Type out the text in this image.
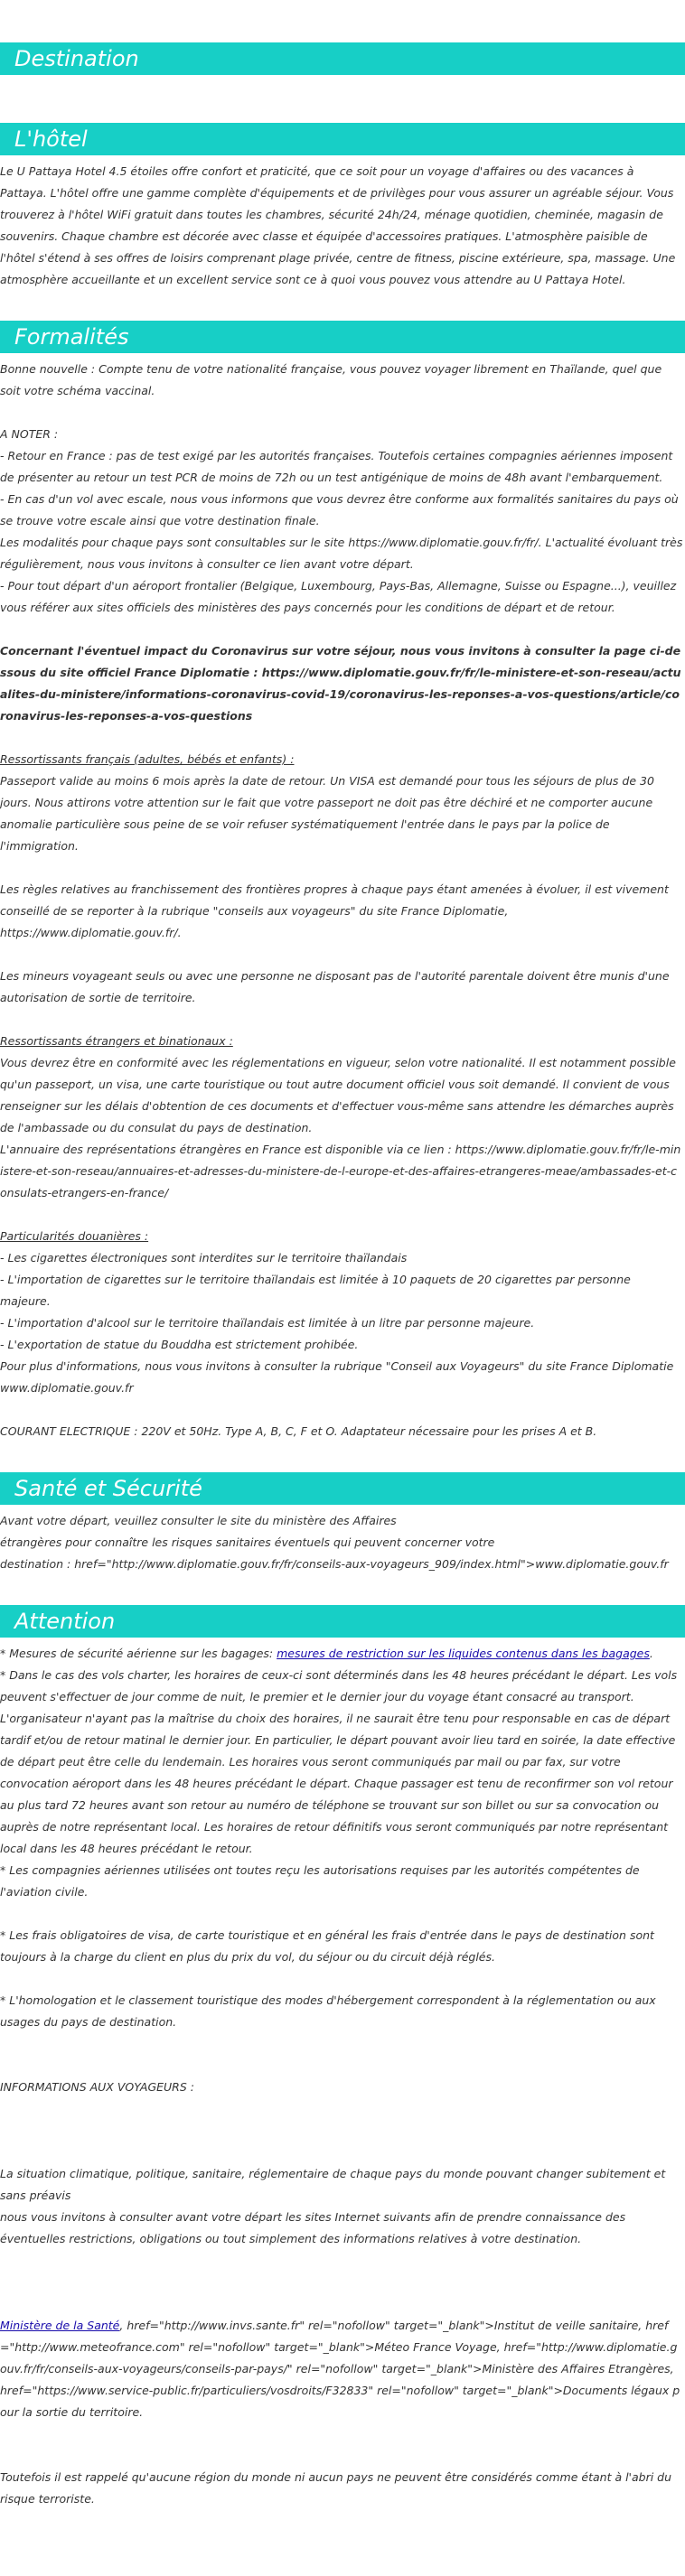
Destination
L'hôtel

Le U Pattaya Hotel 4.5 étoiles offre confort et praticité, que ce soit pour un voyage d'affaires ou des vacances à Pattaya. L'hôtel offre une gamme complète d'équipements et de privilèges pour vous assurer un agréable séjour. Vous trouverez à l'hôtel WiFi gratuit dans toutes les chambres, sécurité 24h/24, ménage quotidien, cheminée, magasin de souvenirs. Chaque chambre est décorée avec classe et équipée d'accessoires pratiques. L'atmosphère paisible de l'hôtel s'étend à ses offres de loisirs comprenant plage privée, centre de fitness, piscine extérieure, spa, massage. Une atmosphère accueillante et un excellent service sont ce à quoi vous pouvez vous attendre au U Pattaya Hotel.

Formalités

Bonne nouvelle : Compte tenu de votre nationalité française, vous pouvez voyager librement en Thaïlande, quel que soit votre schéma vaccinal.

A NOTER :

- Retour en France : pas de test exigé par les autorités françaises. Toutefois certaines compagnies aériennes imposent de présenter au retour un test PCR de moins de 72h ou un test antigénique de moins de 48h avant l'embarquement.

- En cas d'un vol avec escale, nous vous informons que vous devrez être conforme aux formalités sanitaires du pays où se trouve votre escale ainsi que votre destination finale.

Les modalités pour chaque pays sont consultables sur le site https://www.diplomatie.gouv.fr/fr/. L'actualité évoluant très régulièrement, nous vous invitons à consulter ce lien avant votre départ.

- Pour tout départ d'un aéroport frontalier (Belgique, Luxembourg, Pays-Bas, Allemagne, Suisse ou Espagne...), veuillez vous référer aux sites officiels des ministères des pays concernés pour les conditions de départ et de retour.

Concernant l'éventuel impact du Coronavirus sur votre séjour, nous vous invitons à consulter la page ci-dessous du site officiel France Diplomatie : https://www.diplomatie.gouv.fr/fr/le-ministere-et-son-reseau/actualites-du-ministere/informations-coronavirus-covid-19/coronavirus-les-reponses-a-vos-questions/article/coronavirus-les-reponses-a-vos-questions

Ressortissants français (adultes, bébés et enfants) :

Passeport valide au moins 6 mois après la date de retour. Un VISA est demandé pour tous les séjours de plus de 30 jours. Nous attirons votre attention sur le fait que votre passeport ne doit pas être déchiré et ne comporter aucune anomalie particulière sous peine de se voir refuser systématiquement l'entrée dans le pays par la police de l'immigration.

Les règles relatives au franchissement des frontières propres à chaque pays étant amenées à évoluer, il est vivement conseillé de se reporter à la rubrique "conseils aux voyageurs" du site France Diplomatie, https://www.diplomatie.gouv.fr/.

Les mineurs voyageant seuls ou avec une personne ne disposant pas de l'autorité parentale doivent être munis d'une autorisation de sortie de territoire.

Ressortissants étrangers et binationaux :

Vous devrez être en conformité avec les réglementations en vigueur, selon votre nationalité. Il est notamment possible qu'un passeport, un visa, une carte touristique ou tout autre document officiel vous soit demandé. Il convient de vous renseigner sur les délais d'obtention de ces documents et d'effectuer vous-même sans attendre les démarches auprès de l'ambassade ou du consulat du pays de destination.

L'annuaire des représentations étrangères en France est disponible via ce lien : https://www.diplomatie.gouv.fr/fr/le-ministere-et-son-reseau/annuaires-et-adresses-du-ministere-de-l-europe-et-des-affaires-etrangeres-meae/ambassades-et-consulats-etrangers-en-france/

Particularités douanières :

- Les cigarettes électroniques sont interdites sur le territoire thaïlandais

- L'importation de cigarettes sur le territoire thaïlandais est limitée à 10 paquets de 20 cigarettes par personne majeure.

- L'importation d'alcool sur le territoire thaïlandais est limitée à un litre par personne majeure.

- L'exportation de statue du Bouddha est strictement prohibée.

Pour plus d'informations, nous vous invitons à consulter la rubrique "Conseil aux Voyageurs" du site France Diplomatie www.diplomatie.gouv.fr

COURANT ELECTRIQUE : 220V et 50Hz. Type A, B, C, F et O. Adaptateur nécessaire pour les prises A et B.

Santé et Sécurité

Avant votre départ, veuillez consulter le site du ministère des Affaires

étrangères pour connaître les risques sanitaires éventuels qui peuvent concerner votre

destination : href="http://www.diplomatie.gouv.fr/fr/conseils-aux-voyageurs_909/index.html">www.diplomatie.gouv.fr

Attention

* Mesures de sécurité aérienne sur les bagages: mesures de restriction sur les liquides contenus dans les bagages.

* Dans le cas des vols charter, les horaires de ceux-ci sont déterminés dans les 48 heures précédant le départ. Les vols peuvent s'effectuer de jour comme de nuit, le premier et le dernier jour du voyage étant consacré au transport. L'organisateur n'ayant pas la maîtrise du choix des horaires, il ne saurait être tenu pour responsable en cas de départ tardif et/ou de retour matinal le dernier jour. En particulier, le départ pouvant avoir lieu tard en soirée, la date effective de départ peut être celle du lendemain. Les horaires vous seront communiqués par mail ou par fax, sur votre convocation aéroport dans les 48 heures précédant le départ. Chaque passager est tenu de reconfirmer son vol retour au plus tard 72 heures avant son retour au numéro de téléphone se trouvant sur son billet ou sur sa convocation ou auprès de notre représentant local. Les horaires de retour définitifs vous seront communiqués par notre représentant local dans les 48 heures précédant le retour.

* Les compagnies aériennes utilisées ont toutes reçu les autorisations requises par les autorités compétentes de l'aviation civile.

* Les frais obligatoires de visa, de carte touristique et en général les frais d'entrée dans le pays de destination sont toujours à la charge du client en plus du prix du vol, du séjour ou du circuit déjà réglés.

* L'homologation et le classement touristique des modes d'hébergement correspondent à la réglementation ou aux usages du pays de destination.

INFORMATIONS AUX VOYAGEURS :

La situation climatique, politique, sanitaire, réglementaire de chaque pays du monde pouvant changer subitement et sans préavis

nous vous invitons à consulter avant votre départ les sites Internet suivants afin de prendre connaissance des éventuelles restrictions, obligations ou tout simplement des informations relatives à votre destination.

Ministère de la Santé, href="http://www.invs.sante.fr" rel="nofollow" target="_blank">Institut de veille sanitaire, href="http://www.meteofrance.com" rel="nofollow" target="_blank">Méteo France Voyage, href="http://www.diplomatie.gouv.fr/fr/conseils-aux-voyageurs/conseils-par-pays/" rel="nofollow" target="_blank">Ministère des Affaires Etrangères, href="https://www.service-public.fr/particuliers/vosdroits/F32833" rel="nofollow" target="_blank">Documents légaux pour la sortie du territoire.

Toutefois il est rappelé qu'aucune région du monde ni aucun pays ne peuvent être considérés comme étant à l'abri du risque terroriste.
